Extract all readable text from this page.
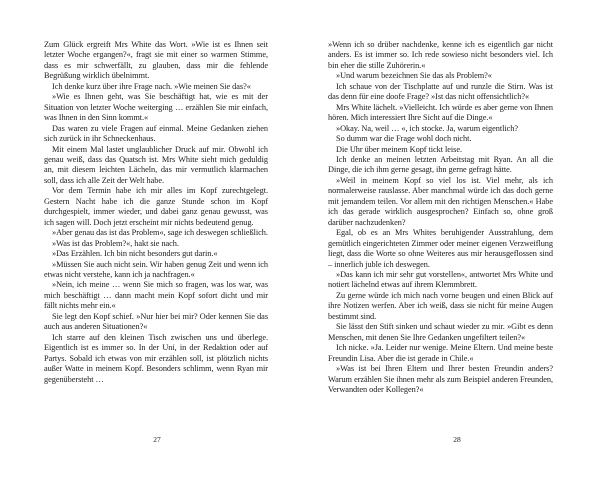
Zum Glück ergreift Mrs White das Wort. »Wie ist es Ihnen seit letzter Woche ergangen?«, fragt sie mit einer so warmen Stimme, dass es mir schwerfällt, zu glauben, dass mir die fehlende Begrüßung wirklich übelnimmt.

Ich denke kurz über ihre Frage nach. »Wie meinen Sie das?«

»Wie es Ihnen geht, was Sie beschäftigt hat, wie es mit der Situation von letzter Woche weiterging … erzählen Sie mir einfach, was Ihnen in den Sinn kommt.«

Das waren zu viele Fragen auf einmal. Meine Gedanken ziehen sich zurück in ihr Schneckenhaus.

Mit einem Mal lastet unglaublicher Druck auf mir. Obwohl ich genau weiß, dass das Quatsch ist. Mrs White sieht mich geduldig an, mit diesem leichten Lächeln, das mir vermutlich klarmachen soll, dass ich alle Zeit der Welt habe.

Vor dem Termin habe ich mir alles im Kopf zurechtgelegt. Gestern Nacht habe ich die ganze Stunde schon im Kopf durchgespielt, immer wieder, und dabei ganz genau gewusst, was ich sagen will. Doch jetzt erscheint mir nichts bedeutend genug.

»Aber genau das ist das Problem«, sage ich deswegen schließlich.

»Was ist das Problem?«, hakt sie nach.

»Das Erzählen. Ich bin nicht besonders gut darin.«

»Müssen Sie auch nicht sein. Wir haben genug Zeit und wenn ich etwas nicht verstehe, kann ich ja nachfragen.«

»Nein, ich meine … wenn Sie mich so fragen, was los war, was mich beschäftigt … dann macht mein Kopf sofort dicht und mir fällt nichts mehr ein.«

Sie legt den Kopf schief. »Nur hier bei mir? Oder kennen Sie das auch aus anderen Situationen?«

Ich starre auf den kleinen Tisch zwischen uns und überlege. Eigentlich ist es immer so. In der Uni, in der Redaktion oder auf Partys. Sobald ich etwas von mir erzählen soll, ist plötzlich nichts außer Watte in meinem Kopf. Besonders schlimm, wenn Ryan mir gegenübersteht …

27

»Wenn ich so drüber nachdenke, kenne ich es eigentlich gar nicht anders. Es ist immer so. Ich rede sowieso nicht besonders viel. Ich bin eher die stille Zuhörerin.«

»Und warum bezeichnen Sie das als Problem?«

Ich schaue von der Tischplatte auf und runzle die Stirn. Was ist das denn für eine doofe Frage? »Ist das nicht offensichtlich?«

Mrs White lächelt. »Vielleicht. Ich würde es aber gerne von Ihnen hören. Mich interessiert Ihre Sicht auf die Dinge.«

»Okay. Na, weil … «, ich stocke. Ja, warum eigentlich?

So dumm war die Frage wohl doch nicht.

Die Uhr über meinem Kopf tickt leise.

Ich denke an meinen letzten Arbeitstag mit Ryan. An all die Dinge, die ich ihm gerne gesagt, ihn gerne gefragt hätte.

»Weil in meinem Kopf so viel los ist. Viel mehr, als ich normalerweise rauslasse. Aber manchmal würde ich das doch gerne mit jemandem teilen. Vor allem mit den richtigen Menschen.« Habe ich das gerade wirklich ausgesprochen? Einfach so, ohne groß darüber nachzudenken?

Egal, ob es an Mrs Whites beruhigender Ausstrahlung, dem gemütlich eingerichteten Zimmer oder meiner eigenen Verzweiflung liegt, dass die Worte so ohne Weiteres aus mir herausgeflossen sind – innerlich juble ich deswegen.

»Das kann ich mir sehr gut vorstellen«, antwortet Mrs White und notiert lächelnd etwas auf ihrem Klemmbrett.

Zu gerne würde ich mich nach vorne beugen und einen Blick auf ihre Notizen werfen. Aber ich weiß, dass sie nicht für meine Augen bestimmt sind.

Sie lässt den Stift sinken und schaut wieder zu mir. »Gibt es denn Menschen, mit denen Sie Ihre Gedanken ungefiltert teilen?«

Ich nicke. »Ja. Leider nur wenige. Meine Eltern. Und meine beste Freundin Lisa. Aber die ist gerade in Chile.«

»Was ist bei Ihren Eltern und Ihrer besten Freundin anders? Warum erzählen Sie ihnen mehr als zum Beispiel anderen Freunden, Verwandten oder Kollegen?«

28
